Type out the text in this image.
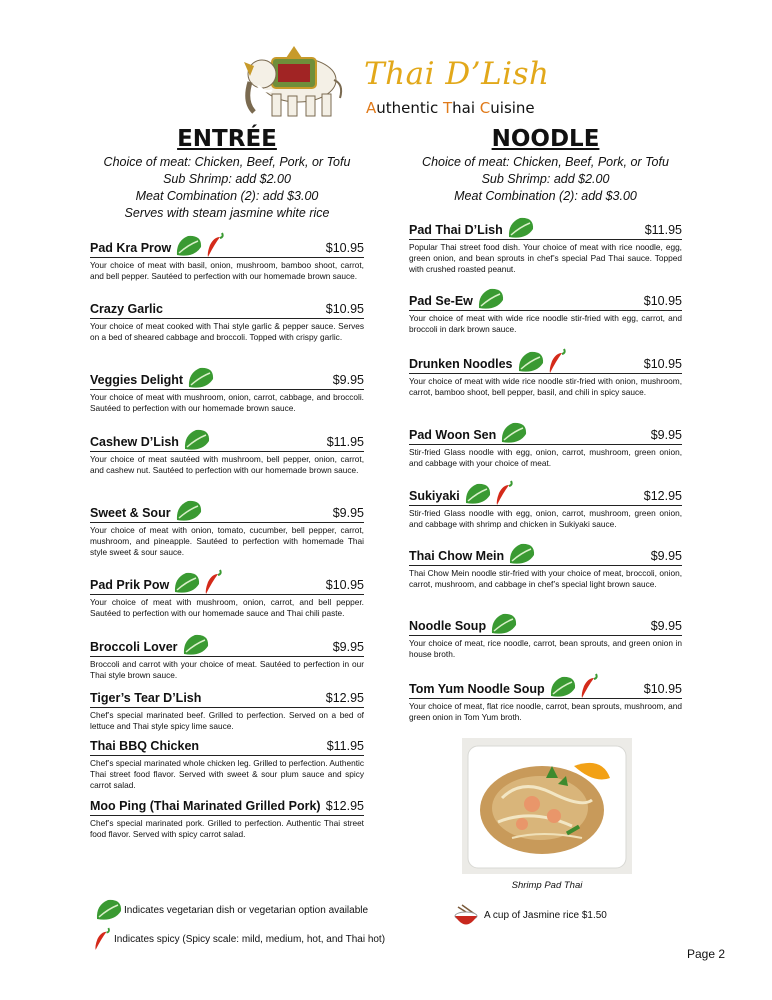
Thai D’Lish
Authentic Thai Cuisine
ENTRÉE
Choice of meat: Chicken, Beef, Pork, or Tofu
Sub Shrimp: add $2.00
Meat Combination (2): add $3.00
Serves with steam jasmine white rice
Pad Kra Prow	$10.95
Your choice of meat with basil, onion, mushroom, bamboo shoot, carrot, and bell pepper. Sautéed to perfection with our homemade brown sauce.
Crazy Garlic	$10.95
Your choice of meat cooked with Thai style garlic & pepper sauce. Serves on a bed of sheared cabbage and broccoli. Topped with crispy garlic.
Veggies Delight	$9.95
Your choice of meat with mushroom, onion, carrot, cabbage, and broccoli. Sautéed to perfection with our homemade brown sauce.
Cashew D’Lish	$11.95
Your choice of meat sautéed with mushroom, bell pepper, onion, carrot, and cashew nut. Sautéed to perfection with our homemade brown sauce.
Sweet & Sour	$9.95
Your choice of meat with onion, tomato, cucumber, bell pepper, carrot, mushroom, and pineapple. Sautéed to perfection with homemade Thai style sweet & sour sauce.
Pad Prik Pow	$10.95
Your choice of meat with mushroom, onion, carrot, and bell pepper. Sautéed to perfection with our homemade sauce and Thai chili paste.
Broccoli Lover	$9.95
Broccoli and carrot with your choice of meat. Sautéed to perfection in our Thai style brown sauce.
Tiger’s Tear D’Lish	$12.95
Chef’s special marinated beef. Grilled to perfection. Served on a bed of lettuce and Thai style spicy lime sauce.
Thai BBQ Chicken	$11.95
Chef’s special marinated whole chicken leg. Grilled to perfection. Authentic Thai street food flavor. Served with sweet & sour plum sauce and spicy carrot salad.
Moo Ping (Thai Marinated Grilled Pork) $12.95
Chef’s special marinated pork. Grilled to perfection. Authentic Thai street food flavor. Served with spicy carrot salad.
NOODLE
Choice of meat: Chicken, Beef, Pork, or Tofu
Sub Shrimp: add $2.00
Meat Combination (2): add $3.00
Pad Thai D’Lish	$11.95
Popular Thai street food dish. Your choice of meat with rice noodle, egg, green onion, and bean sprouts in chef’s special Pad Thai sauce. Topped with crushed roasted peanut.
Pad Se-Ew	$10.95
Your choice of meat with wide rice noodle stir-fried with egg, carrot, and broccoli in dark brown sauce.
Drunken Noodles	$10.95
Your choice of meat with wide rice noodle stir-fried with onion, mushroom, carrot, bamboo shoot, bell pepper, basil, and chili in spicy sauce.
Pad Woon Sen	$9.95
Stir-fried Glass noodle with egg, onion, carrot, mushroom, green onion, and cabbage with your choice of meat.
Sukiyaki	$12.95
Stir-fried Glass noodle with egg, onion, carrot, mushroom, green onion, and cabbage with shrimp and chicken in Sukiyaki sauce.
Thai Chow Mein	$9.95
Thai Chow Mein noodle stir-fried with your choice of meat, broccoli, onion, carrot, mushroom, and cabbage in chef’s special light brown sauce.
Noodle Soup	$9.95
Your choice of meat, rice noodle, carrot, bean sprouts, and green onion in house broth.
Tom Yum Noodle Soup	$10.95
Your choice of meat, flat rice noodle, carrot, bean sprouts, mushroom, and green onion in Tom Yum broth.
Shrimp Pad Thai
Indicates vegetarian dish or vegetarian option available
Indicates spicy (Spicy scale: mild, medium, hot, and Thai hot)
A cup of Jasmine rice $1.50
Page 2
